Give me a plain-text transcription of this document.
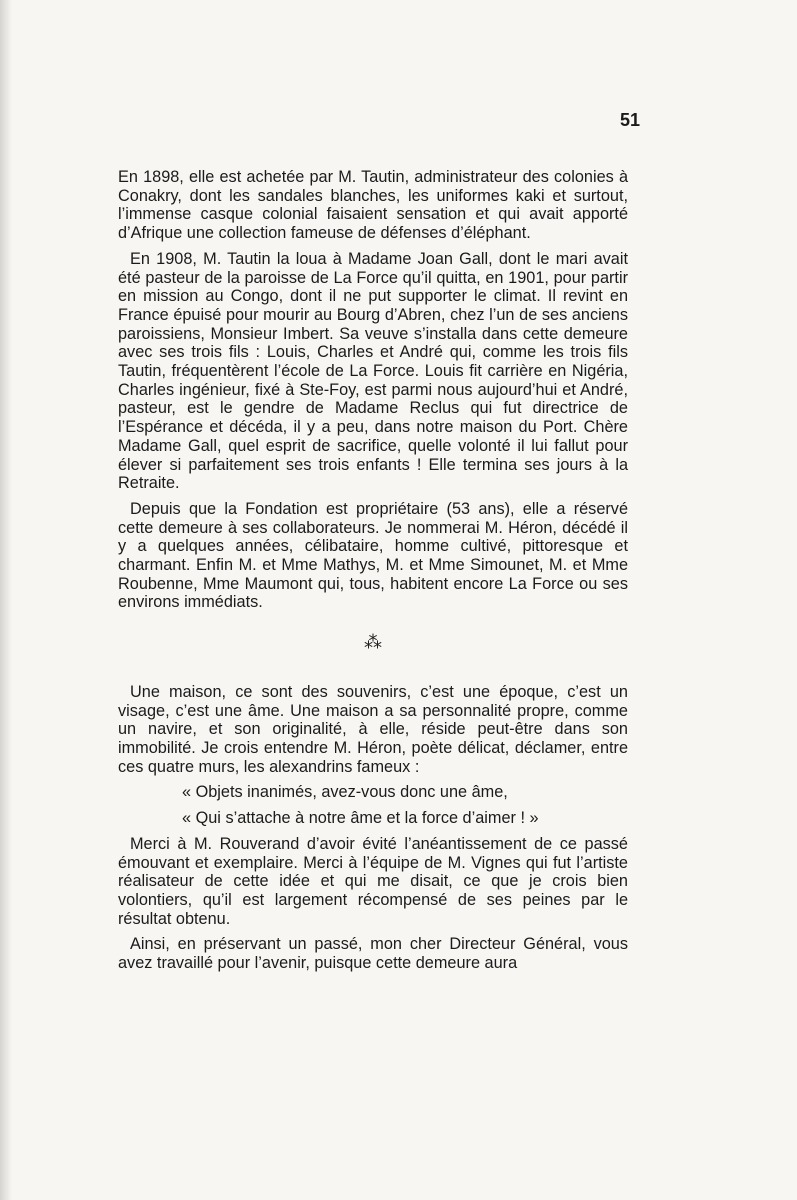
51

En 1898, elle est achetée par M. Tautin, administrateur des colonies à Conakry, dont les sandales blanches, les uniformes kaki et surtout, l’immense casque colonial faisaient sensation et qui avait apporté d’Afrique une collection fameuse de défenses d’éléphant.

En 1908, M. Tautin la loua à Madame Joan Gall, dont le mari avait été pasteur de la paroisse de La Force qu’il quitta, en 1901, pour partir en mission au Congo, dont il ne put supporter le climat. Il revint en France épuisé pour mourir au Bourg d’Abren, chez l’un de ses anciens paroissiens, Monsieur Imbert. Sa veuve s’installa dans cette demeure avec ses trois fils : Louis, Charles et André qui, comme les trois fils Tautin, fréquentèrent l’école de La Force. Louis fit carrière en Nigéria, Charles ingénieur, fixé à Ste-Foy, est parmi nous aujourd’hui et André, pasteur, est le gendre de Madame Reclus qui fut directrice de l’Espérance et décéda, il y a peu, dans notre maison du Port. Chère Madame Gall, quel esprit de sacrifice, quelle volonté il lui fallut pour élever si parfaitement ses trois enfants ! Elle termina ses jours à la Retraite.

Depuis que la Fondation est propriétaire (53 ans), elle a réservé cette demeure à ses collaborateurs. Je nommerai M. Héron, décédé il y a quelques années, célibataire, homme cultivé, pittoresque et charmant. Enfin M. et Mme Mathys, M. et Mme Simounet, M. et Mme Roubenne, Mme Maumont qui, tous, habitent encore La Force ou ses environs immédiats.

⁂

Une maison, ce sont des souvenirs, c’est une époque, c’est un visage, c’est une âme. Une maison a sa personnalité propre, comme un navire, et son originalité, à elle, réside peut-être dans son immobilité. Je crois entendre M. Héron, poète délicat, déclamer, entre ces quatre murs, les alexandrins fameux :

« Objets inanimés, avez-vous donc une âme,

« Qui s’attache à notre âme et la force d’aimer ! »

Merci à M. Rouverand d’avoir évité l’anéantissement de ce passé émouvant et exemplaire. Merci à l’équipe de M. Vignes qui fut l’artiste réalisateur de cette idée et qui me disait, ce que je crois bien volontiers, qu’il est largement récompensé de ses peines par le résultat obtenu.

Ainsi, en préservant un passé, mon cher Directeur Général, vous avez travaillé pour l’avenir, puisque cette demeure aura
